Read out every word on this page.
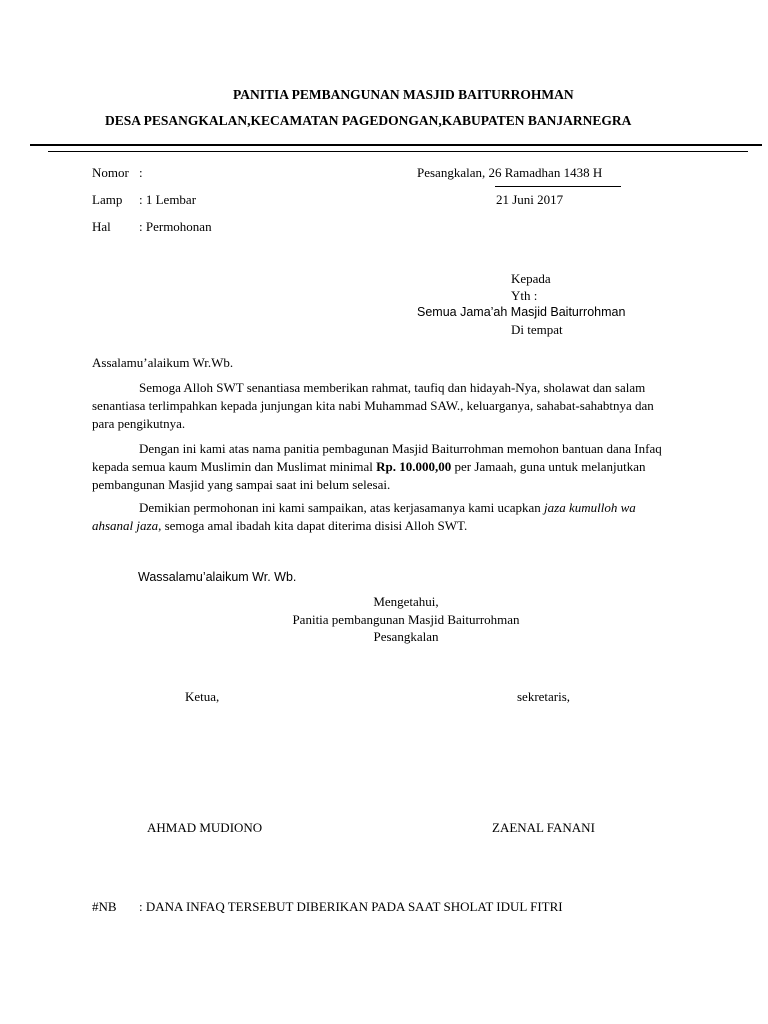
PANITIA PEMBANGUNAN MASJID BAITURROHMAN
DESA PESANGKALAN,KECAMATAN PAGEDONGAN,KABUPATEN BANJARNEGRA
Nomor :
Lamp : 1 Lembar
Hal : Permohonan
Pesangkalan, 26 Ramadhan 1438 H
21 Juni 2017
Kepada
Yth :
Semua Jama’ah Masjid Baiturrohman
Di tempat
Assalamu’alaikum Wr.Wb.
Semoga Alloh SWT senantiasa memberikan rahmat, taufiq dan hidayah-Nya, sholawat dan salam senantiasa terlimpahkan kepada junjungan kita nabi Muhammad SAW., keluarganya, sahabat-sahabtnya dan para pengikutnya.
Dengan ini kami atas nama panitia pembagunan Masjid Baiturrohman memohon bantuan dana Infaq kepada semua kaum Muslimin dan Muslimat minimal Rp. 10.000,00 per Jamaah, guna untuk melanjutkan pembangunan Masjid yang sampai saat ini belum selesai.
Demikian permohonan ini kami sampaikan, atas kerjasamanya kami ucapkan jaza kumulloh wa ahsanal jaza, semoga amal ibadah kita dapat diterima disisi Alloh SWT.
Wassalamu’alaikum Wr. Wb.
Mengetahui,
Panitia pembangunan Masjid Baiturrohman
Pesangkalan
Ketua,	sekretaris,
AHMAD MUDIONO	ZAENAL FANANI
#NB : DANA INFAQ TERSEBUT DIBERIKAN PADA SAAT SHOLAT IDUL FITRI
